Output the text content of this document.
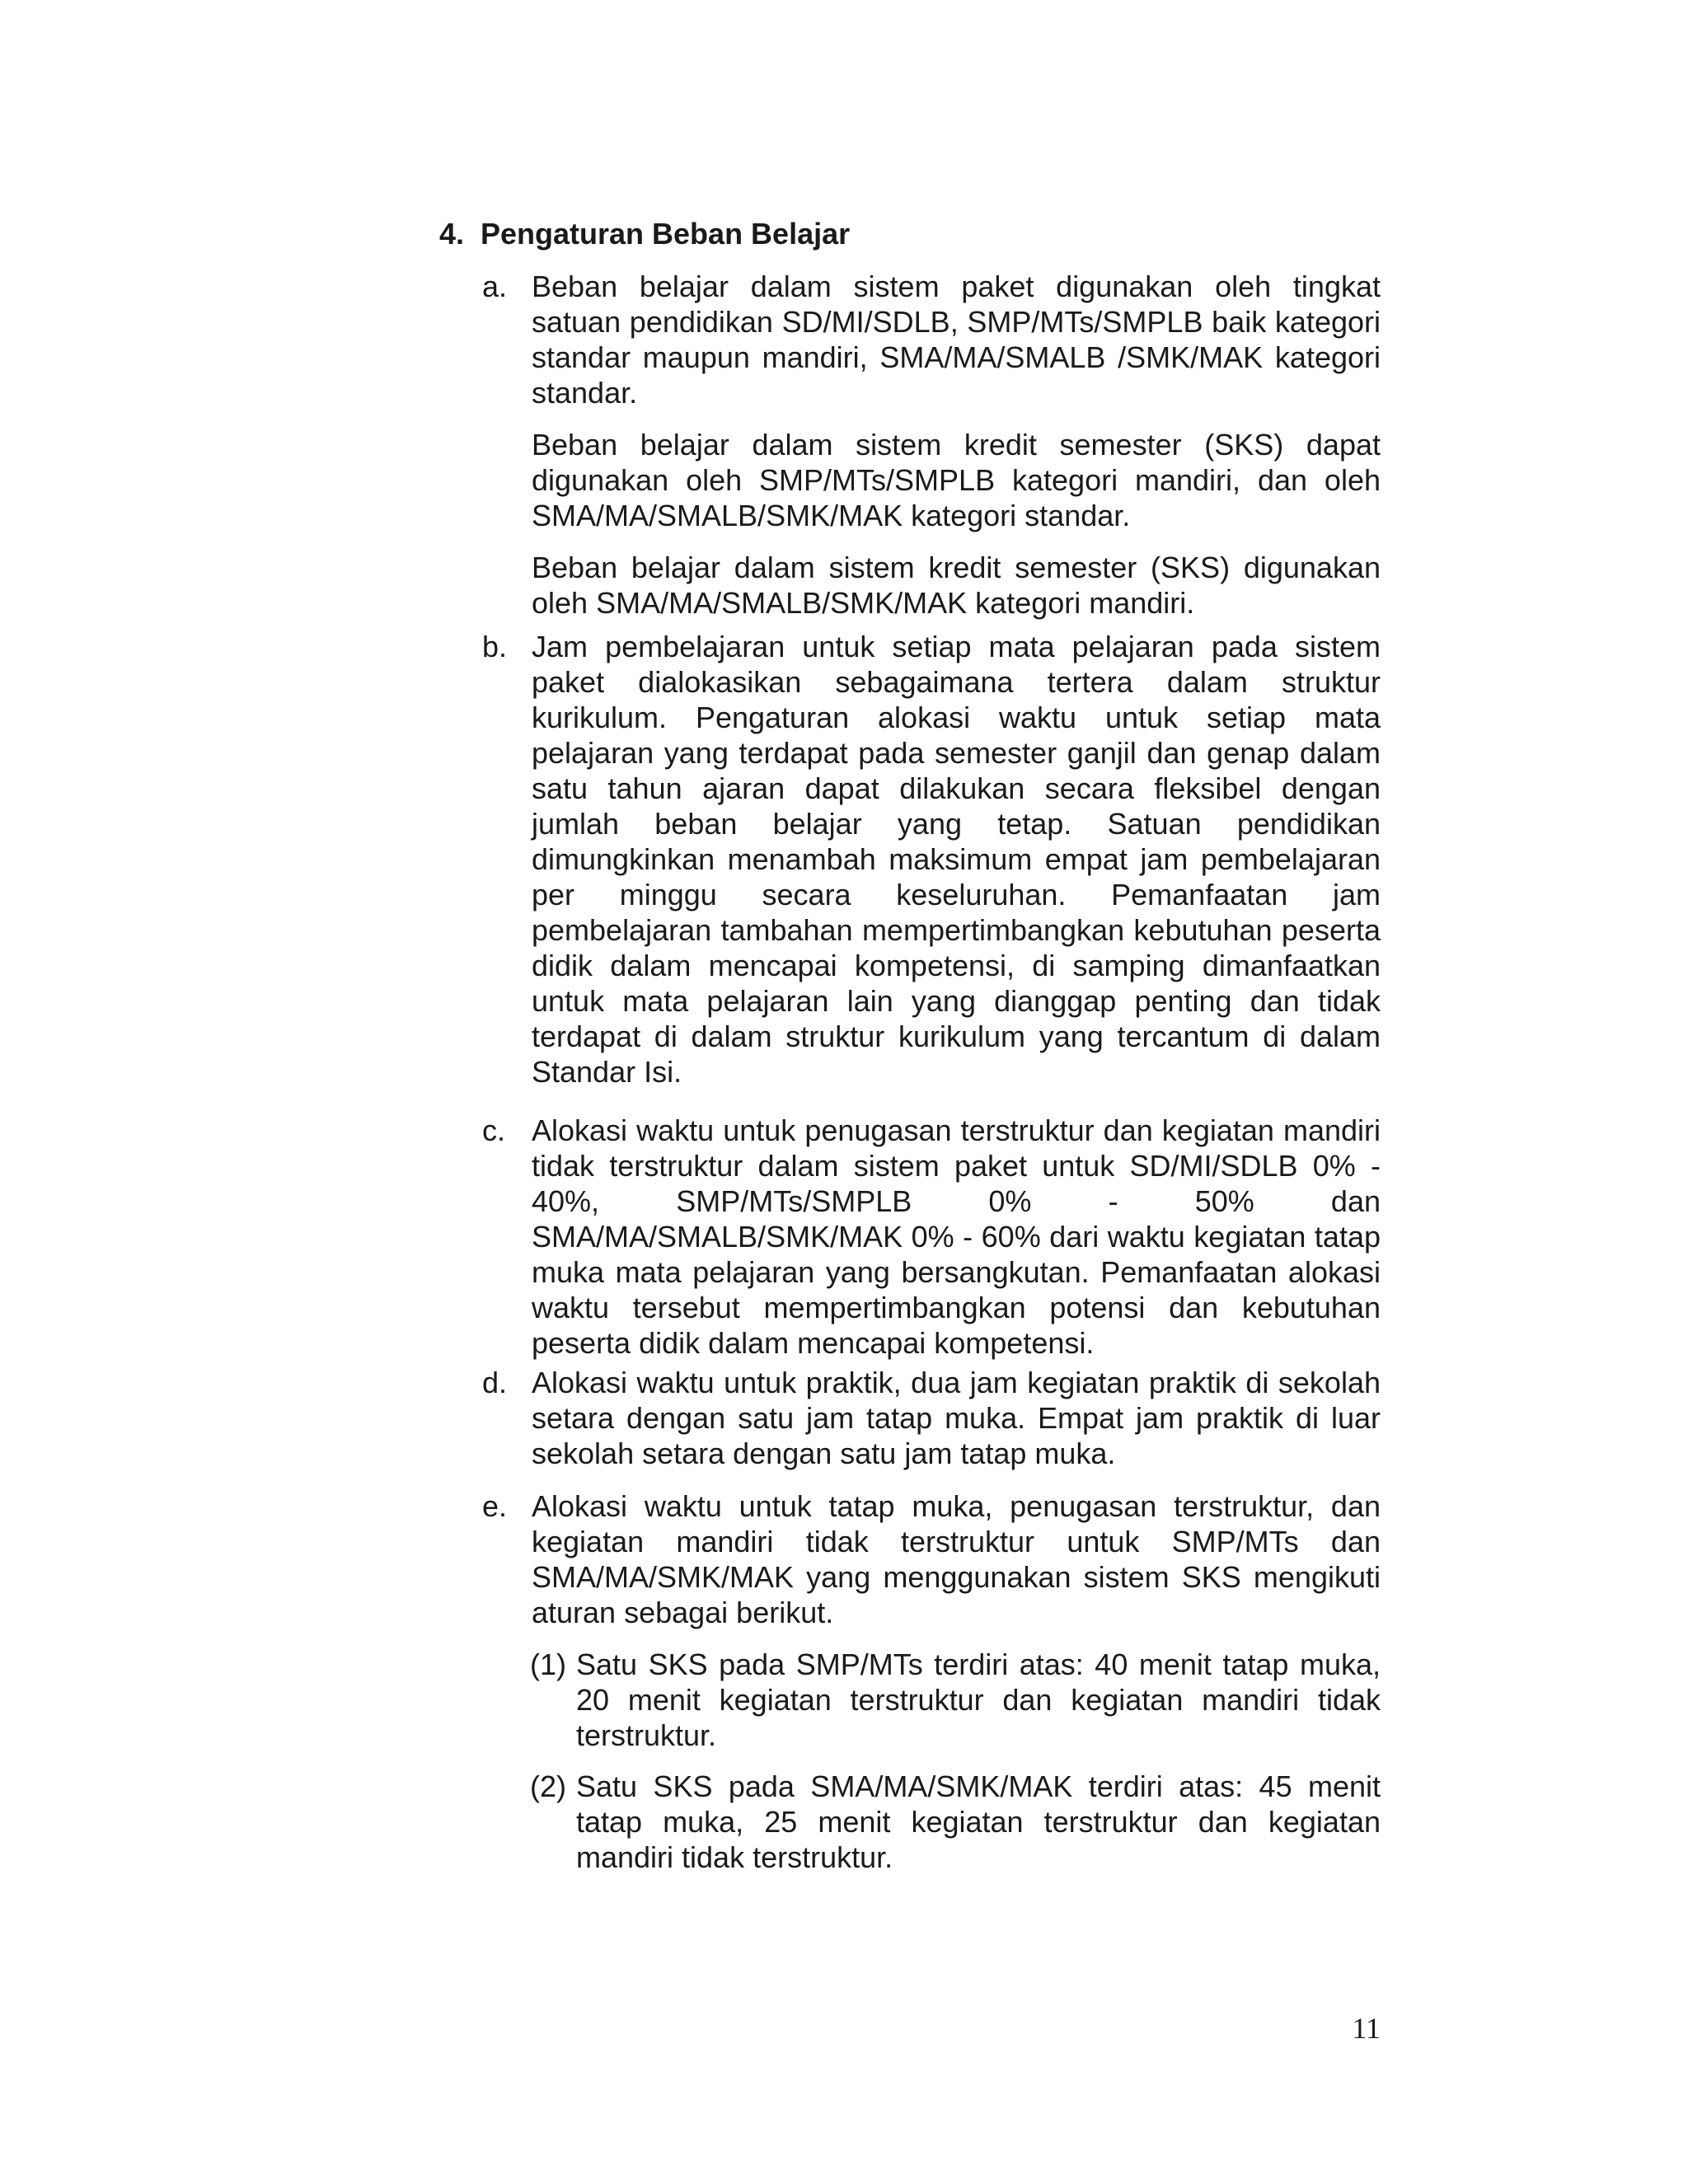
4. Pengaturan Beban Belajar
a. Beban belajar dalam sistem paket digunakan oleh tingkat satuan pendidikan SD/MI/SDLB, SMP/MTs/SMPLB baik kategori standar maupun mandiri, SMA/MA/SMALB /SMK/MAK kategori standar.

Beban belajar dalam sistem kredit semester (SKS) dapat digunakan oleh SMP/MTs/SMPLB kategori mandiri, dan oleh SMA/MA/SMALB/SMK/MAK kategori standar.

Beban belajar dalam sistem kredit semester (SKS) digunakan oleh SMA/MA/SMALB/SMK/MAK kategori mandiri.

b. Jam pembelajaran untuk setiap mata pelajaran pada sistem paket dialokasikan sebagaimana tertera dalam struktur kurikulum. Pengaturan alokasi waktu untuk setiap mata pelajaran yang terdapat pada semester ganjil dan genap dalam satu tahun ajaran dapat dilakukan secara fleksibel dengan jumlah beban belajar yang tetap. Satuan pendidikan dimungkinkan menambah maksimum empat jam pembelajaran per minggu secara keseluruhan. Pemanfaatan jam pembelajaran tambahan mempertimbangkan kebutuhan peserta didik dalam mencapai kompetensi, di samping dimanfaatkan untuk mata pelajaran lain yang dianggap penting dan tidak terdapat di dalam struktur kurikulum yang tercantum di dalam Standar Isi.

c. Alokasi waktu untuk penugasan terstruktur dan kegiatan mandiri tidak terstruktur dalam sistem paket untuk SD/MI/SDLB 0% - 40%, SMP/MTs/SMPLB 0% - 50% dan SMA/MA/SMALB/SMK/MAK 0% - 60% dari waktu kegiatan tatap muka mata pelajaran yang bersangkutan. Pemanfaatan alokasi waktu tersebut mempertimbangkan potensi dan kebutuhan peserta didik dalam mencapai kompetensi.

d. Alokasi waktu untuk praktik, dua jam kegiatan praktik di sekolah setara dengan satu jam tatap muka. Empat jam praktik di luar sekolah setara dengan satu jam tatap muka.

e. Alokasi waktu untuk tatap muka, penugasan terstruktur, dan kegiatan mandiri tidak terstruktur untuk SMP/MTs dan SMA/MA/SMK/MAK yang menggunakan sistem SKS mengikuti aturan sebagai berikut.

(1) Satu SKS pada SMP/MTs terdiri atas: 40 menit tatap muka, 20 menit kegiatan terstruktur dan kegiatan mandiri tidak terstruktur.
(2) Satu SKS pada SMA/MA/SMK/MAK terdiri atas: 45 menit tatap muka, 25 menit kegiatan terstruktur dan kegiatan mandiri tidak terstruktur.
11
